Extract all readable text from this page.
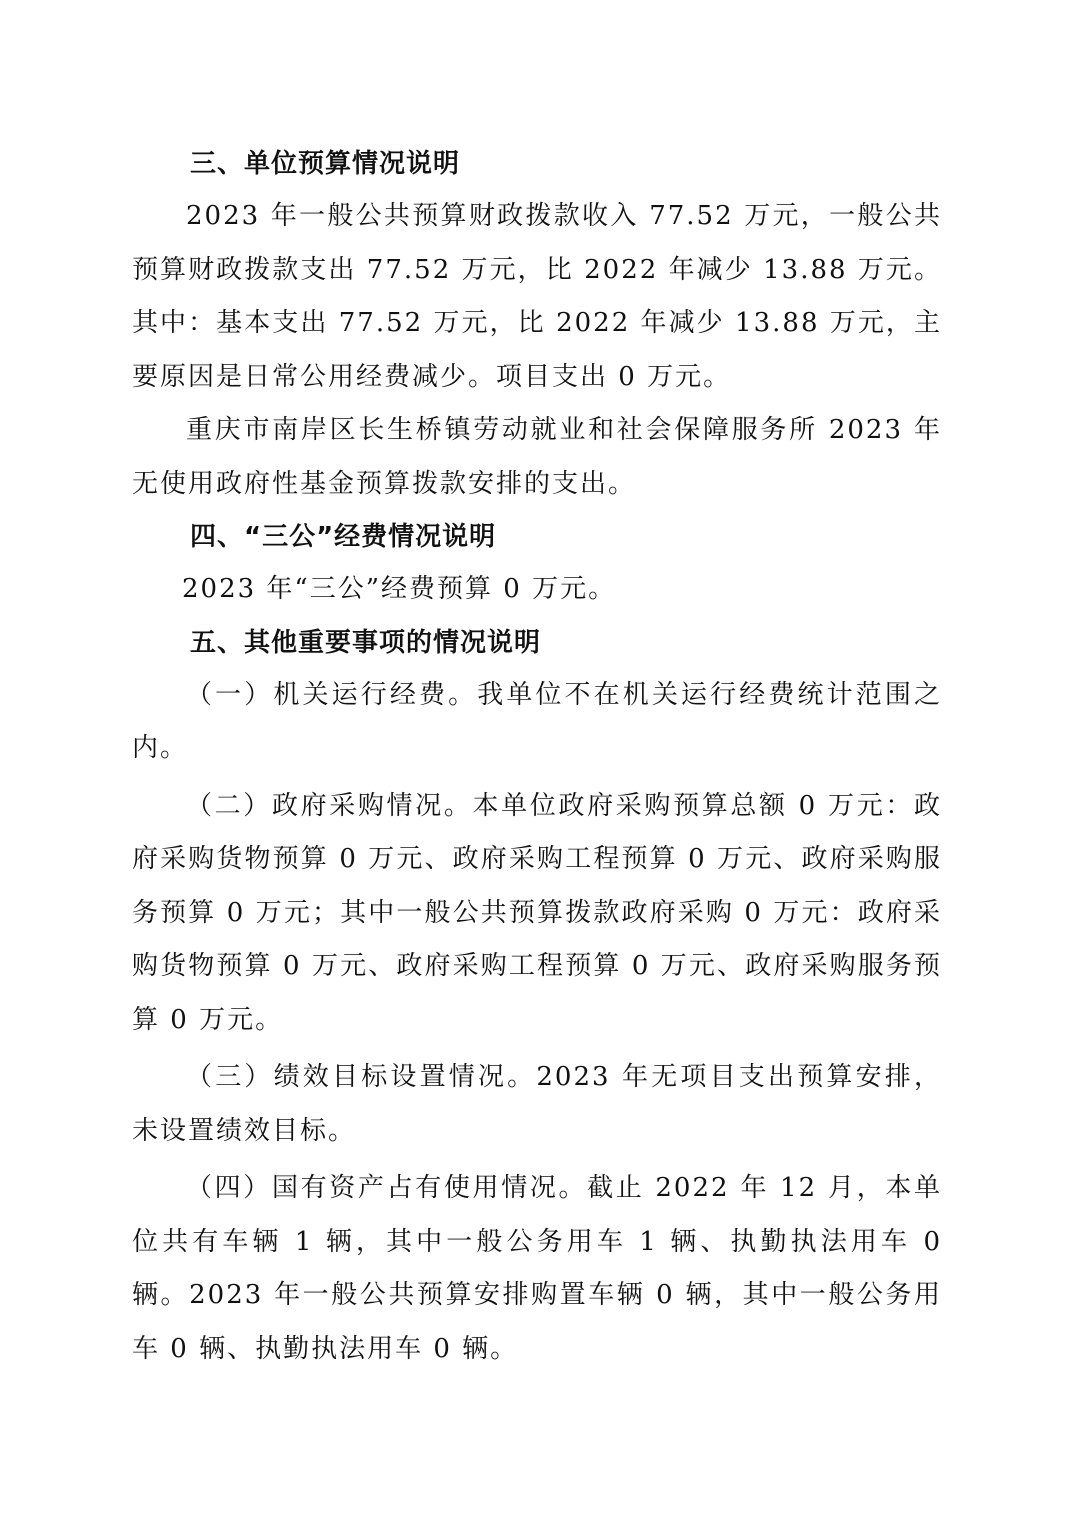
三、单位预算情况说明

2023 年一般公共预算财政拨款收入 77.52 万元，一般公共预算财政拨款支出 77.52 万元，比 2022 年减少 13.88 万元。其中：基本支出 77.52 万元，比 2022 年减少 13.88 万元，主要原因是日常公用经费减少。项目支出 0 万元。

重庆市南岸区长生桥镇劳动就业和社会保障服务所 2023 年无使用政府性基金预算拨款安排的支出。

四、“三公”经费情况说明

2023 年“三公”经费预算 0 万元。

五、其他重要事项的情况说明

（一）机关运行经费。我单位不在机关运行经费统计范围之内。

（二）政府采购情况。本单位政府采购预算总额 0 万元：政府采购货物预算 0 万元、政府采购工程预算 0 万元、政府采购服务预算 0 万元；其中一般公共预算拨款政府采购 0 万元：政府采购货物预算 0 万元、政府采购工程预算 0 万元、政府采购服务预算 0 万元。

（三）绩效目标设置情况。2023 年无项目支出预算安排，未设置绩效目标。

（四）国有资产占有使用情况。截止 2022 年 12 月，本单位共有车辆 1 辆，其中一般公务用车 1 辆、执勤执法用车 0 辆。2023 年一般公共预算安排购置车辆 0 辆，其中一般公务用车 0 辆、执勤执法用车 0 辆。
